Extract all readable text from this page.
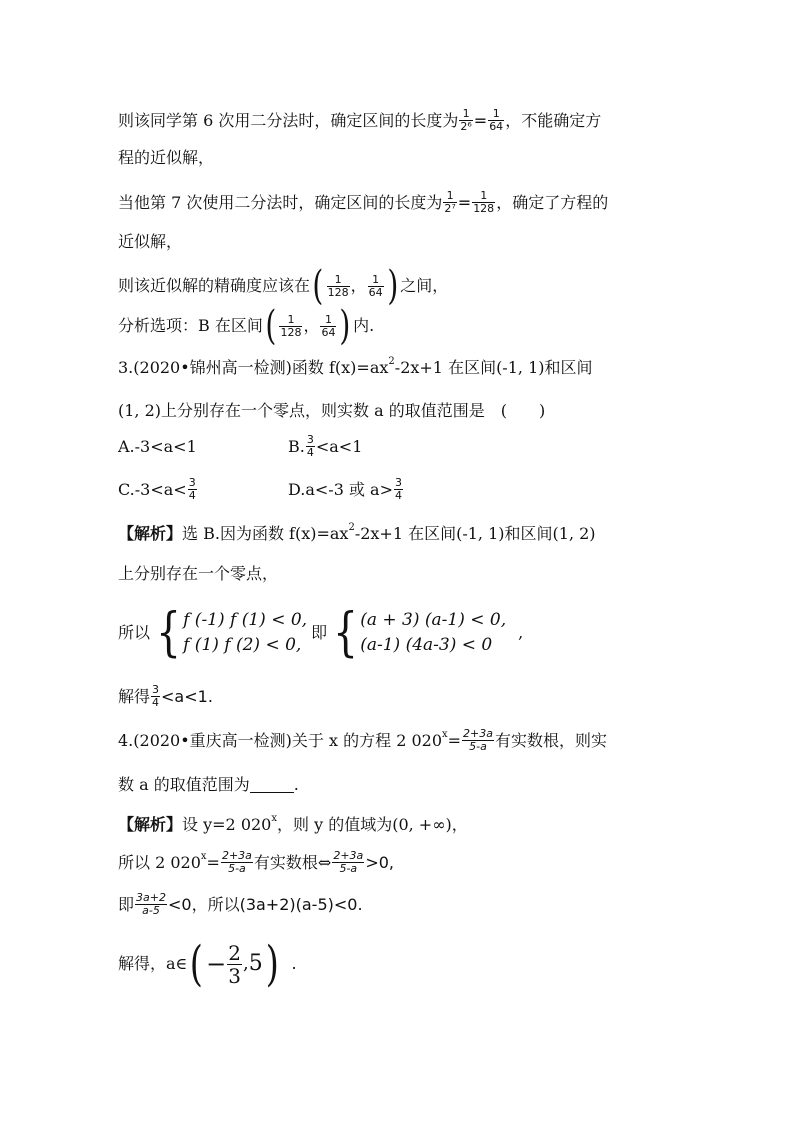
则该同学第 6 次用二分法时，确定区间的长度为 $\frac{1}{\text{2⁶}} = \frac{1}{64}$ ，不能确定方
程的近似解，
当他第 7 次使用二分法时，确定区间的长度为 $\frac{1}{\text{2⁷}} = \frac{1}{128}$ ，确定了方程的
近似解，
则该近似解的精确度应该在 ( $\frac{1}{128}$ ， $\frac{1}{64}$ ) 之间，
分析选项：B 在区间 ( $\frac{1}{128}$ ， $\frac{1}{64}$ ) 内.
3.(2020•锦州高一检测)函数 f(x)=ax 2 -2x+1 在区间(-1, 1)和区间
(1, 2)上分别存在一个零点，则实数 a 的取值范围是　(　　)
A.-3<a<1	B. $\frac{3}{4} <a<1$
$C.-3<a< \frac{3}{4}$	D.a<-3 或 $a> \frac{3}{4}$
【解析】 选 B.因为函数 f(x)=ax 2 -2x+1 在区间(-1, 1)和区间(1, 2)
上分别存在一个零点，
所以 { f (-1) f (1) < 0,
f (1) f (2) < 0,
即 { (a + 3) (a-1) < 0,
(a-1) (4a-3) < 0
,
解得 $\frac{3}{4} <a<1$.
4.(2020•重庆高一检测)关于 x 的方程 2 020 $x = \frac{2+3a}{5-a}$ 有实数根，则实
数 a 的取值范围为	.
【解析】 设 y=2 020 x ，则 y 的值域为(0, +∞)，
所以 2 020 $x = \frac{2+3a}{5-a}$ 有实数根⇔ $\frac{2+3a}{5-a} >0$,
即 $\frac{3a+2}{a-5} <0$，所以(3a+2)(a-5)<0.
解得，a∈ ( − $\frac{2}{3}$ , 5 ) .
